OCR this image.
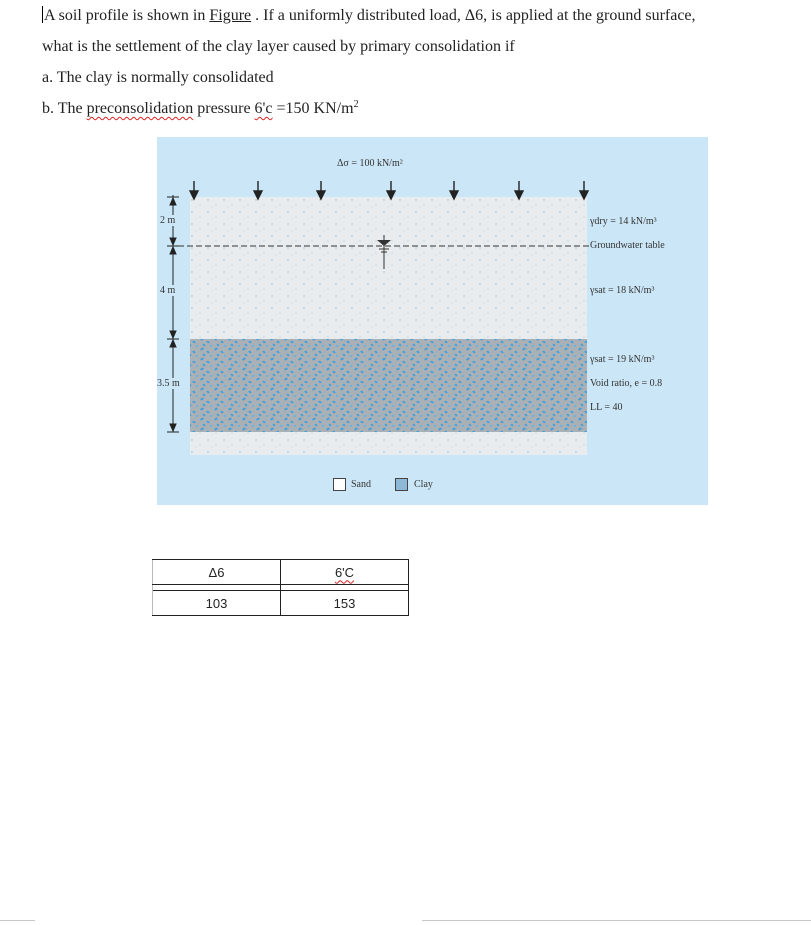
A soil profile is shown in Figure . If a uniformly distributed load, Δ6, is applied at the ground surface,

what is the settlement of the clay layer caused by primary consolidation if

a. The clay is normally consolidated

b. The preconsolidation pressure 6'c =150 $KN/m^2$

Δσ = 100 kN/m²
2 m
4 m
3.5 m
γdry = 14 kN/m³
Groundwater table
γsat = 18 kN/m³
γsat = 19 kN/m³
Void ratio, e = 0.8
LL = 40
Sand	Clay
Δ6	6'C

103	153
